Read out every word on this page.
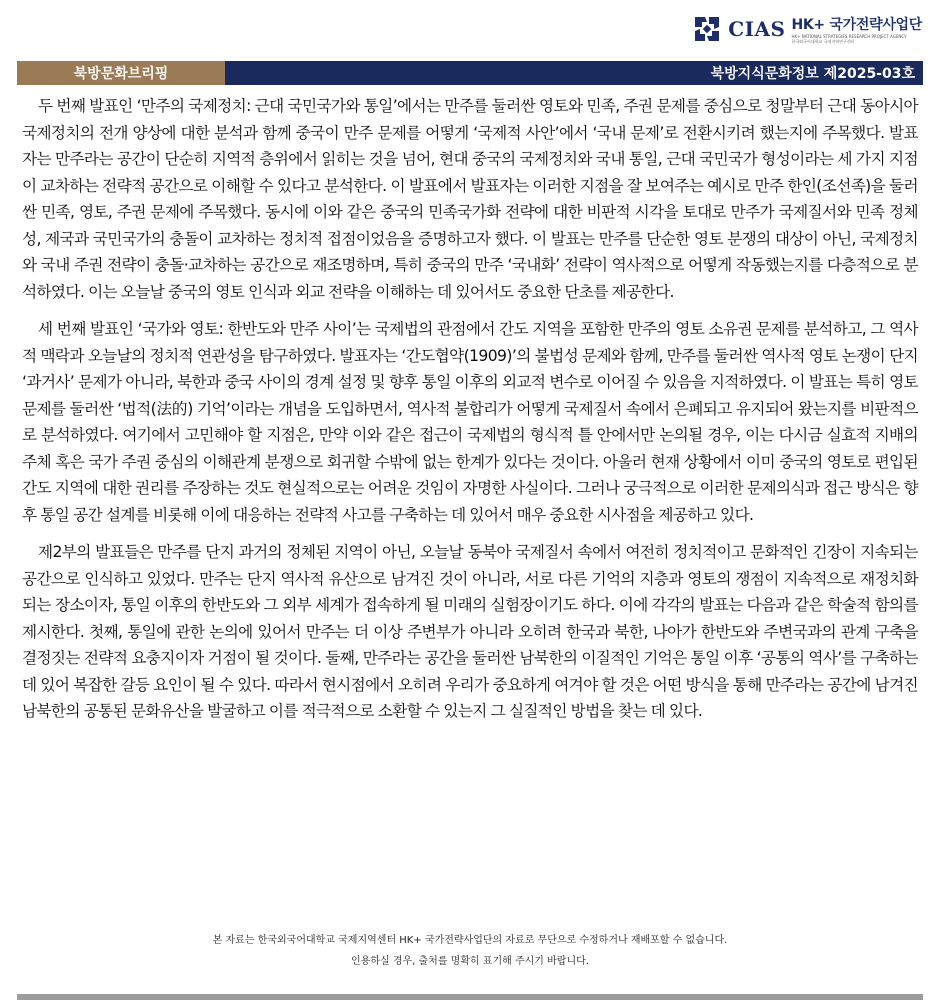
CIAS HK+ 국가전략사업단
HK+ NATIONAL STRATEGIES RESEARCH PROJECT AGENCY
한국외국어대학교 국제지역연구센터
북방문화브리핑	북방지식문화정보 제2025-03호

두 번째 발표인 ‘만주의 국제정치: 근대 국민국가와 통일’에서는 만주를 둘러싼 영토와 민족, 주권 문제를 중심으로 청말부터 근대 동아시아 국제정치의 전개 양상에 대한 분석과 함께 중국이 만주 문제를 어떻게 ‘국제적 사안’에서 ‘국내 문제’로 전환시키려 했는지에 주목했다. 발표자는 만주라는 공간이 단순히 지역적 층위에서 읽히는 것을 넘어, 현대 중국의 국제정치와 국내 통일, 근대 국민국가 형성이라는 세 가지 지점이 교차하는 전략적 공간으로 이해할 수 있다고 분석한다. 이 발표에서 발표자는 이러한 지점을 잘 보여주는 예시로 만주 한인(조선족)을 둘러싼 민족, 영토, 주권 문제에 주목했다. 동시에 이와 같은 중국의 민족국가화 전략에 대한 비판적 시각을 토대로 만주가 국제질서와 민족 정체성, 제국과 국민국가의 충돌이 교차하는 정치적 접점이었음을 증명하고자 했다. 이 발표는 만주를 단순한 영토 분쟁의 대상이 아닌, 국제정치와 국내 주권 전략이 충돌·교차하는 공간으로 재조명하며, 특히 중국의 만주 ‘국내화’ 전략이 역사적으로 어떻게 작동했는지를 다층적으로 분석하였다. 이는 오늘날 중국의 영토 인식과 외교 전략을 이해하는 데 있어서도 중요한 단초를 제공한다.

세 번째 발표인 ‘국가와 영토: 한반도와 만주 사이’는 국제법의 관점에서 간도 지역을 포함한 만주의 영토 소유권 문제를 분석하고, 그 역사적 맥락과 오늘날의 정치적 연관성을 탐구하였다. 발표자는 ‘간도협약(1909)’의 불법성 문제와 함께, 만주를 둘러싼 역사적 영토 논쟁이 단지 ‘과거사’ 문제가 아니라, 북한과 중국 사이의 경계 설정 및 향후 통일 이후의 외교적 변수로 이어질 수 있음을 지적하였다. 이 발표는 특히 영토 문제를 둘러싼 ‘법적(法的) 기억’이라는 개념을 도입하면서, 역사적 불합리가 어떻게 국제질서 속에서 은폐되고 유지되어 왔는지를 비판적으로 분석하였다. 여기에서 고민해야 할 지점은, 만약 이와 같은 접근이 국제법의 형식적 틀 안에서만 논의될 경우, 이는 다시금 실효적 지배의 주체 혹은 국가 주권 중심의 이해관계 분쟁으로 회귀할 수밖에 없는 한계가 있다는 것이다. 아울러 현재 상황에서 이미 중국의 영토로 편입된 간도 지역에 대한 권리를 주장하는 것도 현실적으로는 어려운 것임이 자명한 사실이다. 그러나 궁극적으로 이러한 문제의식과 접근 방식은 향후 통일 공간 설계를 비롯해 이에 대응하는 전략적 사고를 구축하는 데 있어서 매우 중요한 시사점을 제공하고 있다.

제2부의 발표들은 만주를 단지 과거의 정체된 지역이 아닌, 오늘날 동북아 국제질서 속에서 여전히 정치적이고 문화적인 긴장이 지속되는 공간으로 인식하고 있었다. 만주는 단지 역사적 유산으로 남겨진 것이 아니라, 서로 다른 기억의 지층과 영토의 쟁점이 지속적으로 재정치화되는 장소이자, 통일 이후의 한반도와 그 외부 세계가 접속하게 될 미래의 실험장이기도 하다. 이에 각각의 발표는 다음과 같은 학술적 함의를 제시한다. 첫째, 통일에 관한 논의에 있어서 만주는 더 이상 주변부가 아니라 오히려 한국과 북한, 나아가 한반도와 주변국과의 관계 구축을 결정짓는 전략적 요충지이자 거점이 될 것이다. 둘째, 만주라는 공간을 둘러싼 남북한의 이질적인 기억은 통일 이후 ‘공통의 역사’를 구축하는 데 있어 복잡한 갈등 요인이 될 수 있다. 따라서 현시점에서 오히려 우리가 중요하게 여겨야 할 것은 어떤 방식을 통해 만주라는 공간에 남겨진 남북한의 공통된 문화유산을 발굴하고 이를 적극적으로 소환할 수 있는지 그 실질적인 방법을 찾는 데 있다.

본 자료는 한국외국어대학교 국제지역센터 HK+ 국가전략사업단의 자료로 무단으로 수정하거나 재배포할 수 없습니다.
인용하실 경우, 출처를 명확히 표기해 주시기 바랍니다.
